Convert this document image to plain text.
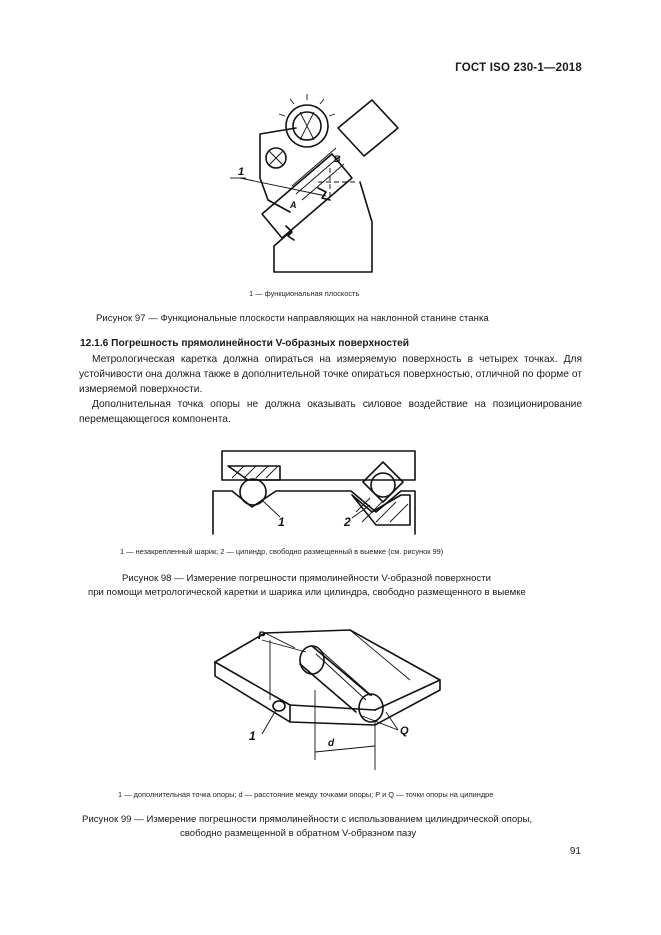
ГОСТ ISO 230-1—2018
1
A
B
1 — функциональная плоскость
Рисунок 97 — Функциональные плоскости направляющих на наклонной станине станка
12.1.6 Погрешность прямолинейности V-образных поверхностей
Метрологическая каретка должна опираться на измеряемую поверхность в четырех точках. Для устойчивости она должна также в дополнительной точке опираться поверхностью, отличной по форме от измеряемой поверхности.
Дополнительная точка опоры не должна оказывать силовое воздействие на позиционирование перемещающегося компонента.
1	2
1 — незакрепленный шарик; 2 — цилиндр, свободно размещенный в выемке (см. рисунок 99)
Рисунок 98 — Измерение погрешности прямолинейности V-образной поверхности
при помощи метрологической каретки и шарика или цилиндра, свободно размещенного в выемке
P
Q
1
d
1 — дополнительная точка опоры; d — расстояние между точками опоры; P и Q — точки опоры на цилиндре
Рисунок 99 — Измерение погрешности прямолинейности с использованием цилиндрической опоры,
свободно размещенной в обратном V-образном пазу
91
